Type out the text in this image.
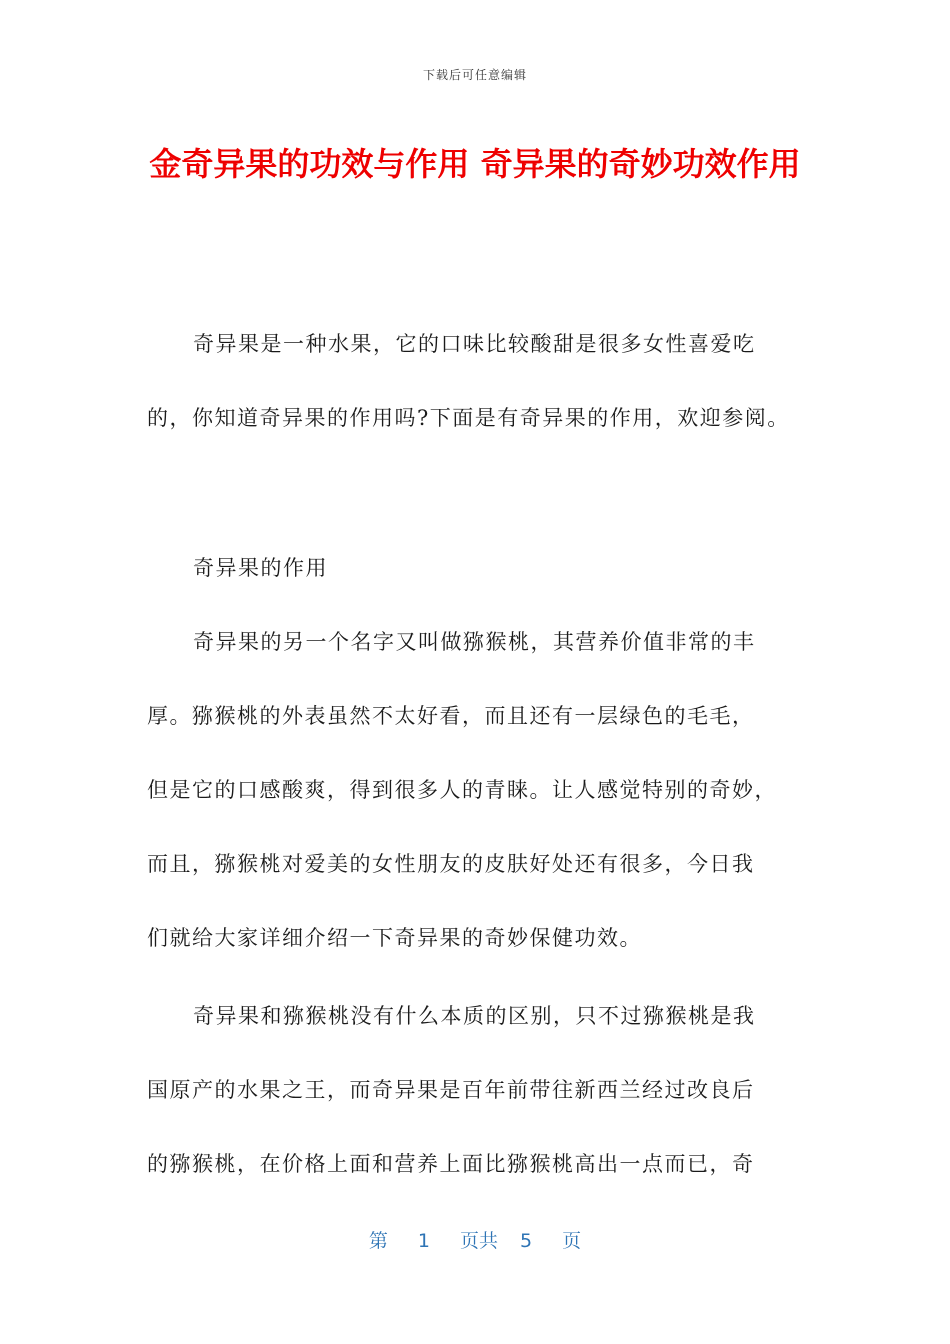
下载后可任意编辑
金奇异果的功效与作用 奇异果的奇妙功效作用
奇异果是一种水果，它的口味比较酸甜是很多女性喜爱吃
的，你知道奇异果的作用吗?下面是有奇异果的作用，欢迎参阅。
奇异果的作用
奇异果的另一个名字又叫做猕猴桃，其营养价值非常的丰
厚。猕猴桃的外表虽然不太好看，而且还有一层绿色的毛毛，
但是它的口感酸爽，得到很多人的青睐。让人感觉特别的奇妙，
而且，猕猴桃对爱美的女性朋友的皮肤好处还有很多，今日我
们就给大家详细介绍一下奇异果的奇妙保健功效。
奇异果和猕猴桃没有什么本质的区别，只不过猕猴桃是我
国原产的水果之王，而奇异果是百年前带往新西兰经过改良后
的猕猴桃，在价格上面和营养上面比猕猴桃高出一点而已，奇
第 1 页共 5 页
